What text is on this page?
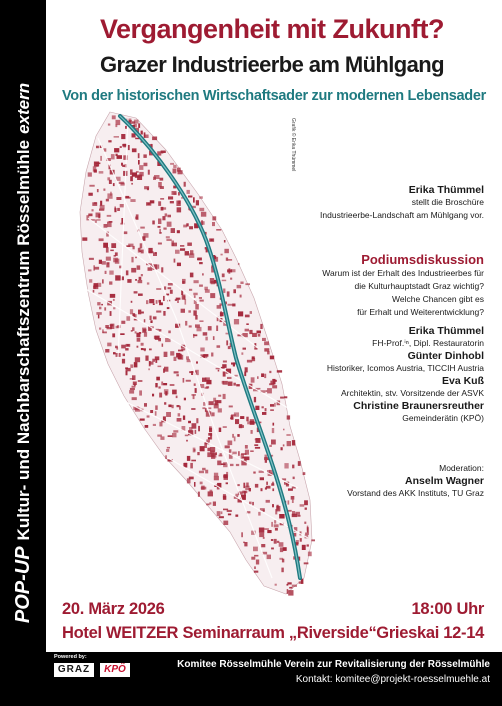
POP-UPKultur- und Nachbarschaftszentrum Rösselmühleextern
Vergangenheit mit Zukunft?
Grazer Industrieerbe am Mühlgang
Von der historischen Wirtschaftsader zur modernen Lebensader
Grafik © Erika Thümmel
Erika Thümmel
stellt die Broschüre
Industrieerbe-Landschaft am Mühlgang vor.
Podiumsdiskussion
Warum ist der Erhalt des Industrieerbes für
die Kulturhauptstadt Graz wichtig?
Welche Chancen gibt es
für Erhalt und Weiterentwicklung?
Erika Thümmel
FH-Prof.ⁱⁿ, Dipl. Restauratorin
Günter Dinhobl
Historiker, Icomos Austria, TICCIH Austria
Eva Kuß
Architektin, stv. Vorsitzende der ASVK
Christine Braunersreuther
Gemeinderätin (KPÖ)
Moderation:
Anselm Wagner
Vorstand des AKK Instituts, TU Graz
20. März 2026	18:00 Uhr
Hotel WEITZER Seminarraum „Riverside“ Grieskai 12-14
Powered by:
GRAZ	KPÖ	Komitee Rösselmühle Verein zur Revitalisierung der Rösselmühle
Kontakt: komitee@projekt-roesselmuehle.at
